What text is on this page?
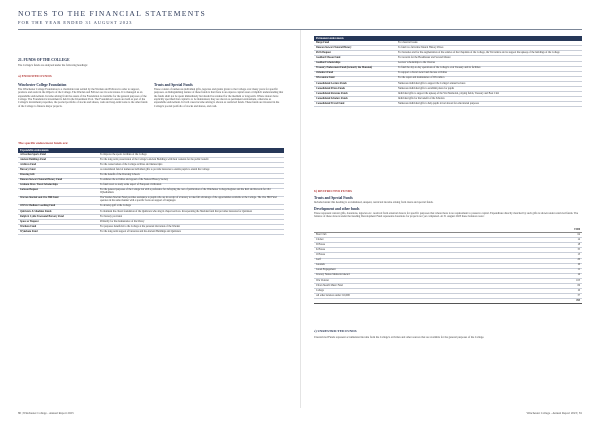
NOTES TO THE FINANCIAL STATEMENTS
FOR THE YEAR ENDED 31 AUGUST 2023
21. FUNDS OF THE COLLEGE
The College's funds are analysed under the following headings:
a) ENDOWED FUNDS
Winchester College Foundation
The Winchester College Foundation is a charitable trust settled by the Warden and Fellows in order to support, promote and assist in the Objects of the College. The Warden and Fellows are its sole trustee. It is managed as an expendable endowment. Income arising from the assets of the Foundation is available for the general purposes of the College. The Foundation's investment is held in the Investment Pool. The Foundation's assets are held as part of the College's investment properties, the pooled portfolio of stocks and shares, cash and long-term loans to the other funds of the College to finance major projects.
Trusts and Special Funds
These consist of numerous individual gifts, legacies and grants given to the College over many years for specific purposes. A distinguishing feature of these funds is that there is an express capital asset or implicit understanding that the funds shall not be spent immediately but should be retained for the medium or long-term. Where donors have explicitly specified that capital is to be maintained, they are shown as permanent endowment, otherwise as expendable endowment. In both cases income arising is shown as restricted funds. These funds are invested in the College's pooled portfolio of stocks and shares, and cash.
The specific endowment funds are:
Expendable endowments	
Al Gordon Sports Fund	To improve the sports facilities of the College
Ancient Buildings Fund	For the long-term preservation of the College's Ancient Buildings with their contents for the public benefit
Archives Fund	For the conservation of the College archives and manuscripts
Bursary Fund	A consolidated fund of numerous individual gifts to provide bursaries to enable pupils to attend the College
Drawing Gift	For the benefit of the Drawing Schools
Duncan Stewart Natural History Fund	To enhance the activities and appeal of the Natural History Society
Graham Drew Travel Scholarships	To fund travel to study some aspect of European civilisation
Jackson Bequest	For the general purposes of the College but with a preference for defraying the cost of publication of the Winchester College Register and the Roll and Records for Old Wykehamists
Warren Sinclair and Ove Hill Fund	The Warden Sinclair Fund provides assistance to pupils who are in receipt of a bursary to take full advantage of the opportunities available at the College. The Ove Hill Fund operates in the same manner with a specific focus on support of languages
OWGS Medium Coaching Fund	To develop golf at the College
Quiristers & Shaddon Funds	To maintain the choral foundation of the Quiristers who sing in chapel services. Incorporating the Shaddon fund that provides bursaries for Quiristers
Ralph & Lydia Townsend Bursary Fund	For bursary provision
Space or Bequest	Primarily for the maintenance of the library
Wardens Fund	For purposes beneficial to the College at the personal discretion of the Warden
Wykeham Fund	For the long-term support of bursaries and the Ancient Buildings and Quiristers
Permanent endowments	
Burge Fund	For classical books
Duncan Stewart Natural History	To fund two full-time Natural History Prizes
Firth Bequest	For bursaries and for the augmentation of the salaries of the Chaplains of the College, the Wiccamica and to support the upkeep of the buildings of the College
Goddard Mason Fund	For rewards for the Headmaster and Second Master
Goddard Scholarships	Leavers' scholarships to the Choices
Treasury Endowment Fund (formerly the Mansion)	To fund the day-to-day operations of the College's own Treasury and its facilities
Oxlenfort Fund	To support a choral award and diocese activities
Wiccamica Fund	For the repair and maintenance of Wiccamica
Consolidated Lecture Funds	Numerous individual gifts to support the College's annual lectures
Consolidated Prizes Funds	Numerous individual gifts to establish prizes for pupils
Consolidated Revenue Funds	Individual gifts to support the upkeep of the War Memorial, playing fields, Treasury and Boat Club
Consolidated Scholars Funds	Individual gifts for the benefit of the Scholars
Consolidated Travel Fund	Numerous individual gifts to help pupils travel abroad for educational purposes
b) RESTRICTED FUNDS
Trusts and Special Funds
Included under this heading is accumulated, unspent, restricted income arising from trusts and special funds.
Development and other funds
These represent current gifts, donations, legacies etc. received from external donors for specific purposes that where there is no requirement to preserve capital. Expenditure directly matched by such gifts is shown under restricted funds. The balance of these donors under the heading Development Fund represents donations for projects not yet completed. At 31 August 2023 these balances were:
	£'000
Boat Club	64
Cricket	14
D House	18
K House	35
O House	13
Golf	20
Grounds	10
Green Engagement	11
Literary Nature Memorial Award	14
War Cloister	103
Urban Sketch Music Fund	69
College	10
All other balances under £10,000	37
	495
c) UNRESTRICTED FUNDS
Unrestricted Funds represent accumulated income from the College's activities and other sources that are available for the general purposes of the College.
80 | Winchester College - Annual Report 2023	Winchester College - Annual Report 2023 | 81
